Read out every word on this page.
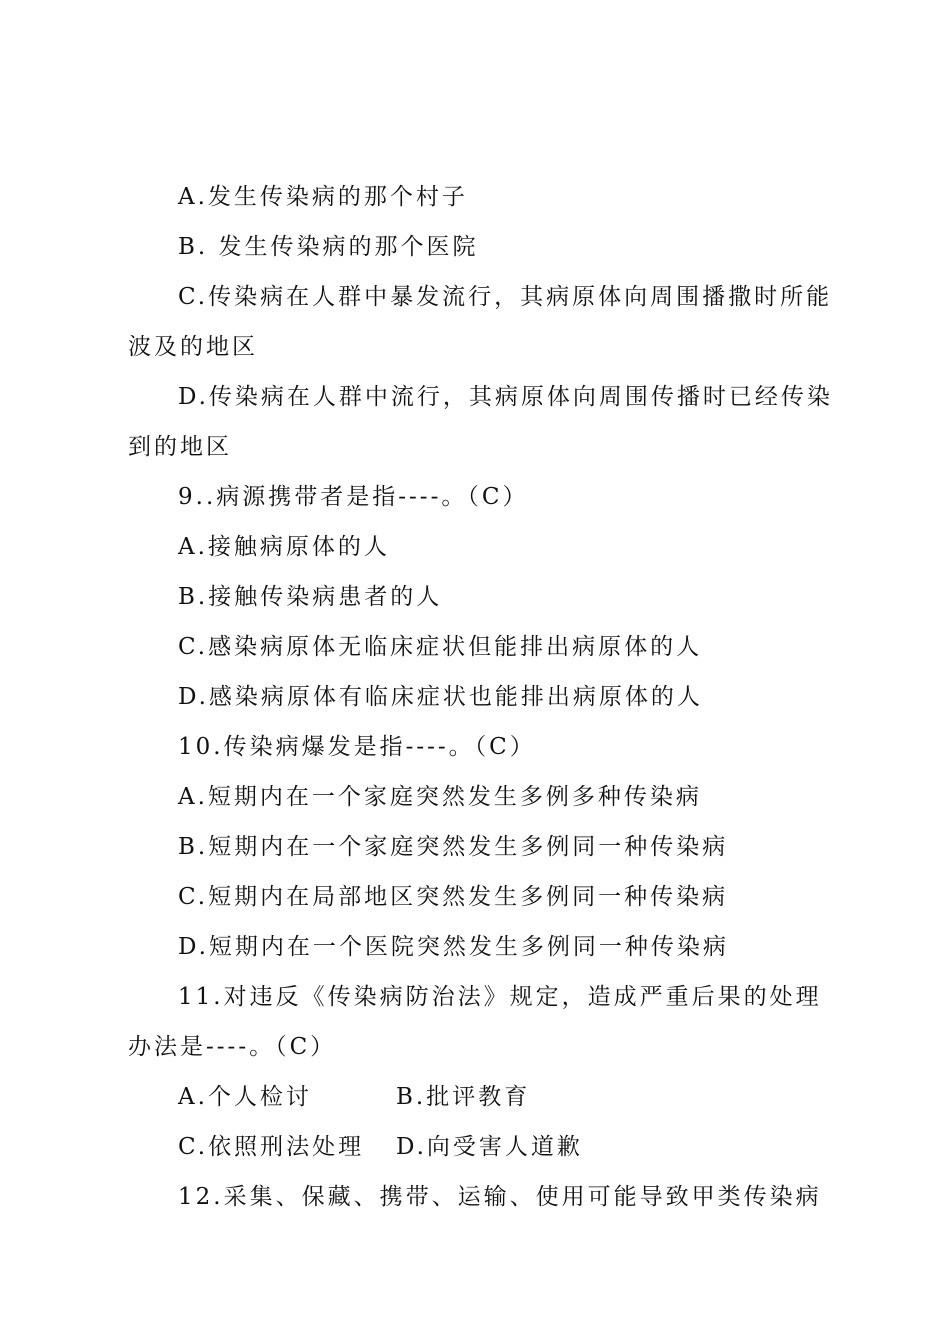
A.发生传染病的那个村子
B. 发生传染病的那个医院
C.传染病在人群中暴发流行，其病原体向周围播撒时所能
波及的地区
D.传染病在人群中流行，其病原体向周围传播时已经传染
到的地区
9..病源携带者是指----。（C）
A.接触病原体的人
B.接触传染病患者的人
C.感染病原体无临床症状但能排出病原体的人
D.感染病原体有临床症状也能排出病原体的人
10.传染病爆发是指----。（C）
A.短期内在一个家庭突然发生多例多种传染病
B.短期内在一个家庭突然发生多例同一种传染病
C.短期内在局部地区突然发生多例同一种传染病
D.短期内在一个医院突然发生多例同一种传染病
11.对违反《传染病防治法》规定，造成严重后果的处理
办法是----。（C）
A.个人检讨	B.批评教育
C.依照刑法处理	D.向受害人道歉
12.采集、保藏、携带、运输、使用可能导致甲类传染病
